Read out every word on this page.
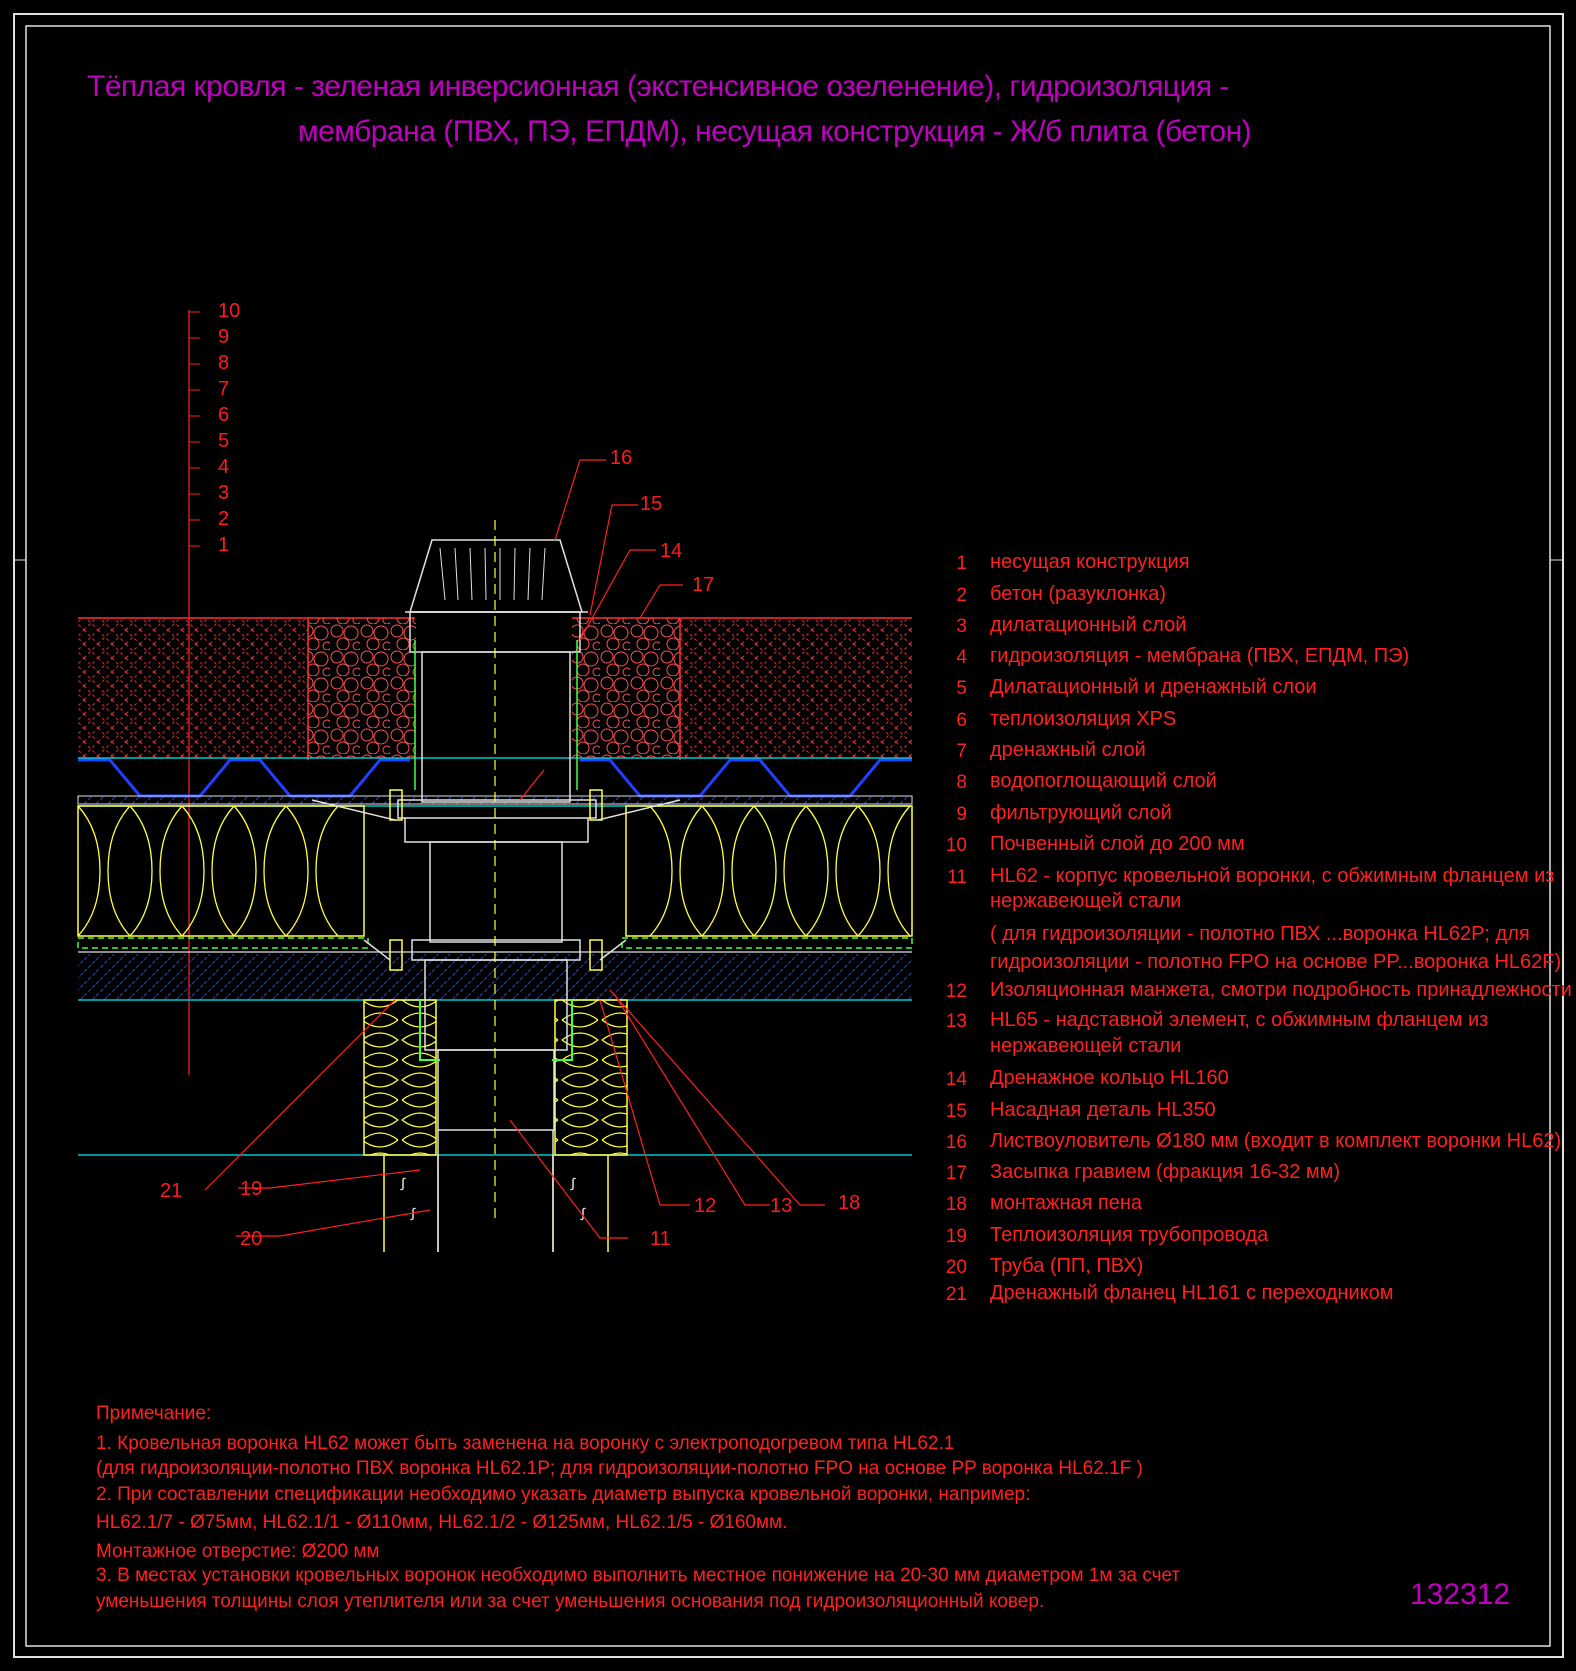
ꭍ
ꭍ
ꭍ
ꭍ
Тёплая кровля - зеленая инверсионная (экстенсивное озеленение), гидроизоляция -
мембрана (ПВХ, ПЭ, ЕПДМ), несущая конструкция - Ж/б плита (бетон)
10
9
8
7
6
5
4
3
2
1
16
15
14
17
21	19
20
12	13 18
11
1 несущая конструкция
2 бетон (разуклонка)
3 дилатационный слой
4 гидроизоляция - мембрана (ПВХ, ЕПДМ, ПЭ)
5 Дилатационный и дренажный слои
6 теплоизоляция XPS
7 дренажный слой
8 водопоглощающий слой
9 фильтрующий слой
10 Почвенный слой до 200 мм
11 HL62 - корпус кровельной воронки, с обжимным фланцем из
нержавеющей стали
( для гидроизоляции - полотно ПВХ ...воронка HL62P; для
гидроизоляции - полотно FPO на основе PP...воронка HL62F)
12 Изоляционная манжета, смотри подробность принадлежности
13 HL65 - надставной элемент, с обжимным фланцем из
нержавеющей стали
14 Дренажное кольцо HL160
15 Насадная деталь HL350
16 Листвоуловитель Ø180 мм (входит в комплект воронки HL62)
17 Засыпка гравием (фракция 16-32 мм)
18 монтажная пена
19 Теплоизоляция трубопровода
20 Труба (ПП, ПВХ)
21 Дренажный фланец HL161 с переходником
Примечание:
1. Кровельная воронка HL62 может быть заменена на воронку с электроподогревом типа HL62.1
(для гидроизоляции-полотно ПВХ воронка HL62.1P; для гидроизоляции-полотно FPO на основе PP воронка HL62.1F )
2. При составлении спецификации необходимо указать диаметр выпуска кровельной воронки, например:
HL62.1/7 - Ø75мм, HL62.1/1 - Ø110мм, HL62.1/2 - Ø125мм, HL62.1/5 - Ø160мм.
Монтажное отверстие: Ø200 мм
3. В местах установки кровельных воронок необходимо выполнить местное понижение на 20-30 мм диаметром 1м за счет
уменьшения толщины слоя утеплителя или за счет уменьшения основания под гидроизоляционный ковер.	132312
